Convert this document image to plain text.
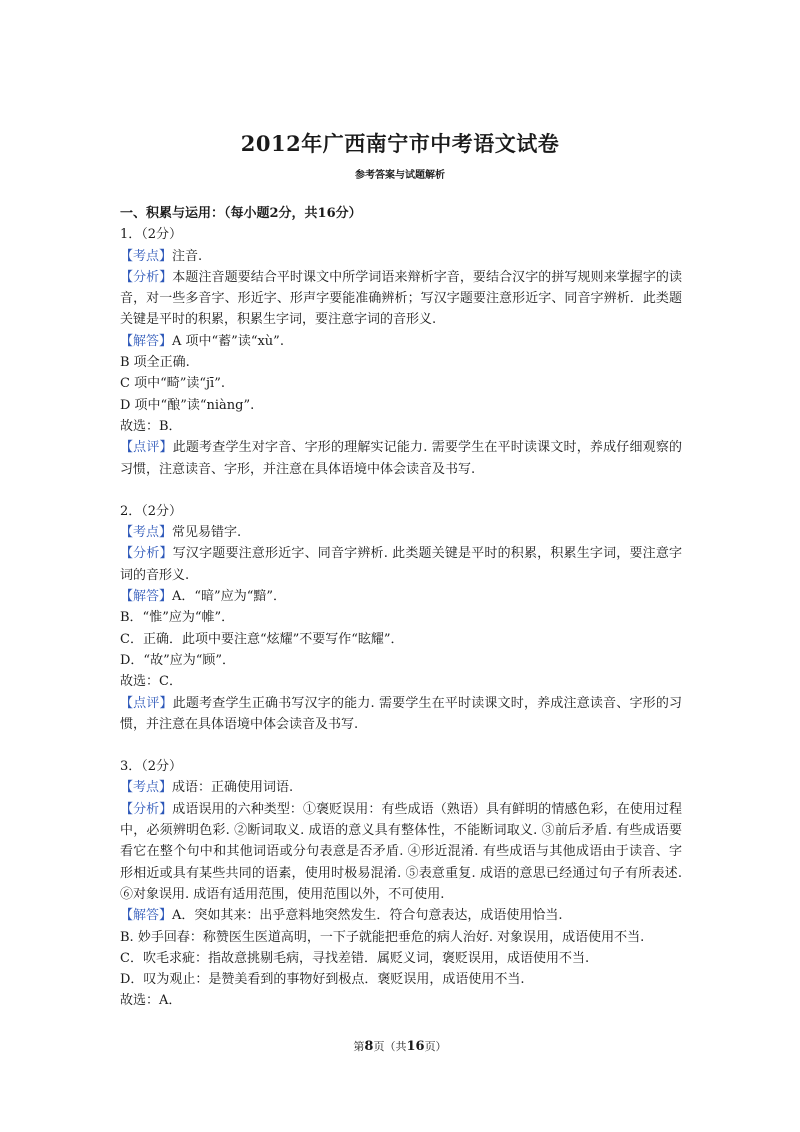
2012年广西南宁市中考语文试卷
参考答案与试题解析
一、积累与运用：（每小题2分，共16分）
1．（2分）
【考点】注音.
【分析】本题注音题要结合平时课文中所学词语来辩析字音，要结合汉字的拼写规则来掌握字的读音，对一些多音字、形近字、形声字要能准确辨析；写汉字题要注意形近字、同音字辨析．此类题关键是平时的积累，积累生字词，要注意字词的音形义.
【解答】A 项中“蓄”读“xù”.
B 项全正确.
C 项中“畸”读“jī”.
D 项中“酿”读“niàng”.
故选：B．
【点评】此题考查学生对字音、字形的理解实记能力. 需要学生在平时读课文时，养成仔细观察的习惯，注意读音、字形，并注意在具体语境中体会读音及书写.
2．（2分）
【考点】常见易错字.
【分析】写汉字题要注意形近字、同音字辨析. 此类题关键是平时的积累，积累生字词，要注意字词的音形义.
【解答】A．“暗”应为“黯”．
B．“惟”应为“帷”．
C．正确．此项中要注意“炫耀”不要写作“眩耀”．
D．“故”应为“顾”．
故选：C．
【点评】此题考查学生正确书写汉字的能力. 需要学生在平时读课文时，养成注意读音、字形的习惯，并注意在具体语境中体会读音及书写.
3．（2分）
【考点】成语：正确使用词语.
【分析】成语误用的六种类型：①褒贬误用：有些成语（熟语）具有鲜明的情感色彩，在使用过程中，必须辨明色彩. ②断词取义. 成语的意义具有整体性，不能断词取义. ③前后矛盾. 有些成语要看它在整个句中和其他词语或分句表意是否矛盾. ④形近混淆. 有些成语与其他成语由于读音、字形相近或具有某些共同的语素，使用时极易混淆. ⑤表意重复. 成语的意思已经通过句子有所表述. ⑥对象误用. 成语有适用范围，使用范围以外，不可使用.
【解答】A．突如其来：出乎意料地突然发生．符合句意表达，成语使用恰当.
B. 妙手回春：称赞医生医道高明，一下子就能把垂危的病人治好. 对象误用，成语使用不当.
C．吹毛求疵：指故意挑剔毛病，寻找差错．属贬义词，褒贬误用，成语使用不当.
D．叹为观止：是赞美看到的事物好到极点．褒贬误用，成语使用不当.
故选：A．
第8页（共16页）
